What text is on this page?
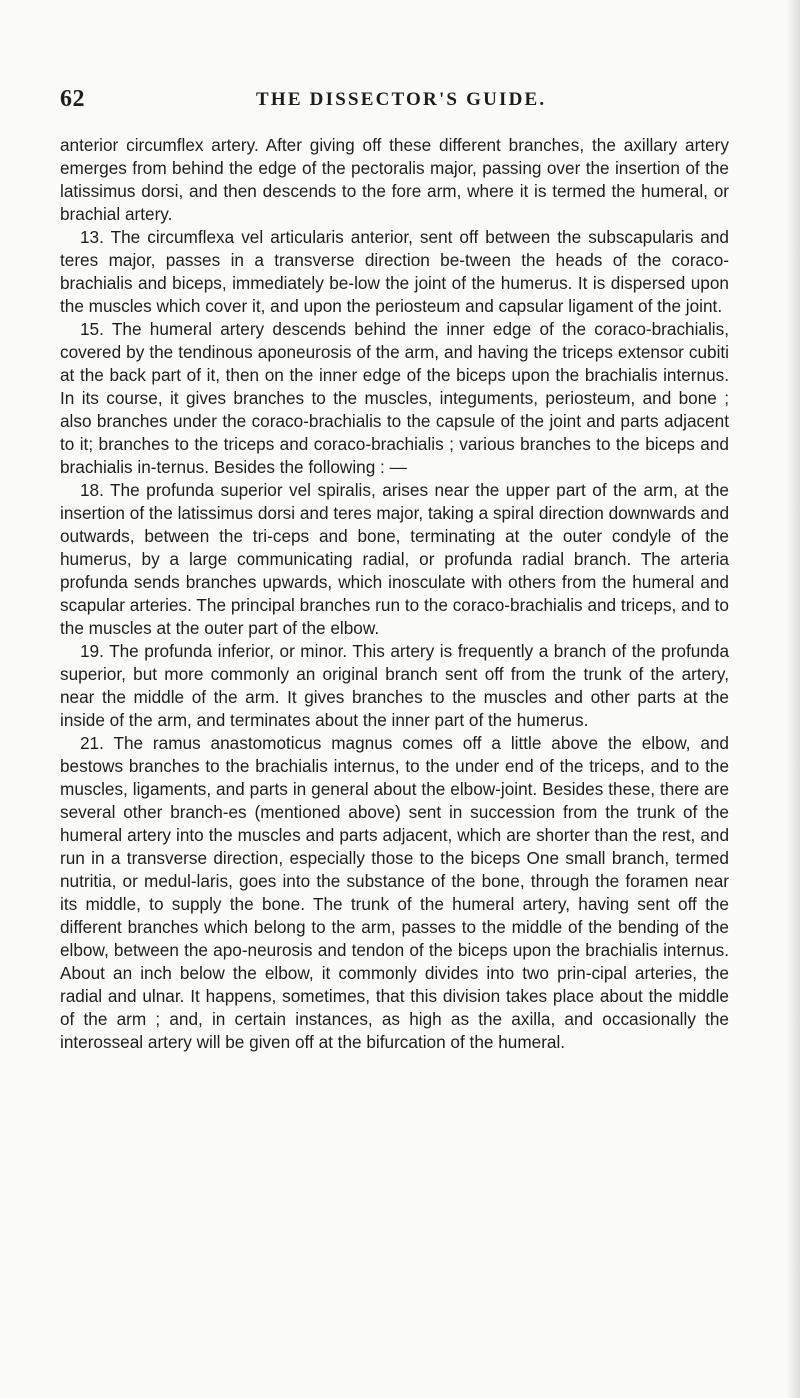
62	THE DISSECTOR'S GUIDE.

anterior circumflex artery. After giving off these different branches, the axillary artery emerges from behind the edge of the pectoralis major, passing over the insertion of the latissimus dorsi, and then descends to the fore arm, where it is termed the humeral, or brachial artery.

13. The circumflexa vel articularis anterior, sent off between the subscapularis and teres major, passes in a transverse direction be-tween the heads of the coraco-brachialis and biceps, immediately be-low the joint of the humerus. It is dispersed upon the muscles which cover it, and upon the periosteum and capsular ligament of the joint.

15. The humeral artery descends behind the inner edge of the coraco-brachialis, covered by the tendinous aponeurosis of the arm, and having the triceps extensor cubiti at the back part of it, then on the inner edge of the biceps upon the brachialis internus. In its course, it gives branches to the muscles, integuments, periosteum, and bone ; also branches under the coraco-brachialis to the capsule of the joint and parts adjacent to it; branches to the triceps and coraco-brachialis ; various branches to the biceps and brachialis in-ternus. Besides the following : —

18. The profunda superior vel spiralis, arises near the upper part of the arm, at the insertion of the latissimus dorsi and teres major, taking a spiral direction downwards and outwards, between the tri-ceps and bone, terminating at the outer condyle of the humerus, by a large communicating radial, or profunda radial branch. The arteria profunda sends branches upwards, which inosculate with others from the humeral and scapular arteries. The principal branches run to the coraco-brachialis and triceps, and to the muscles at the outer part of the elbow.

19. The profunda inferior, or minor. This artery is frequently a branch of the profunda superior, but more commonly an original branch sent off from the trunk of the artery, near the middle of the arm. It gives branches to the muscles and other parts at the inside of the arm, and terminates about the inner part of the humerus.

21. The ramus anastomoticus magnus comes off a little above the elbow, and bestows branches to the brachialis internus, to the under end of the triceps, and to the muscles, ligaments, and parts in general about the elbow-joint. Besides these, there are several other branch-es (mentioned above) sent in succession from the trunk of the humeral artery into the muscles and parts adjacent, which are shorter than the rest, and run in a transverse direction, especially those to the biceps One small branch, termed nutritia, or medul-laris, goes into the substance of the bone, through the foramen near its middle, to supply the bone. The trunk of the humeral artery, having sent off the different branches which belong to the arm, passes to the middle of the bending of the elbow, between the apo-neurosis and tendon of the biceps upon the brachialis internus. About an inch below the elbow, it commonly divides into two prin-cipal arteries, the radial and ulnar. It happens, sometimes, that this division takes place about the middle of the arm ; and, in certain instances, as high as the axilla, and occasionally the interosseal artery will be given off at the bifurcation of the humeral.
